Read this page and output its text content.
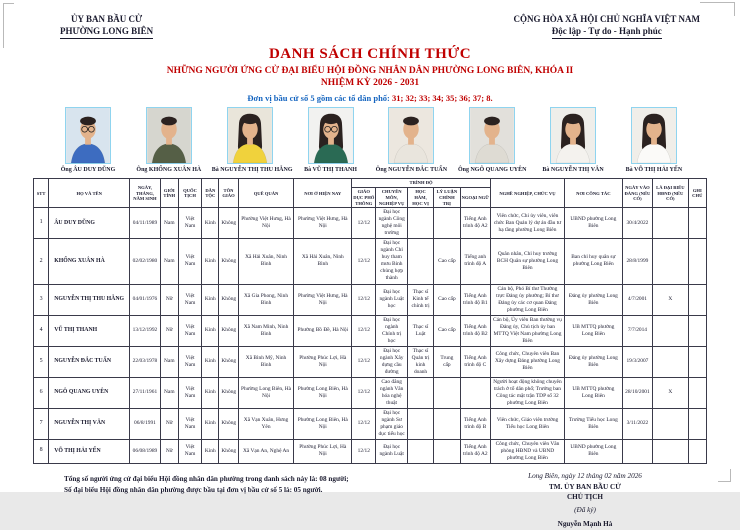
ỦY BAN BẦU CỬ
PHƯỜNG LONG BIÊN
CỘNG HÒA XÃ HỘI CHỦ NGHĨA VIỆT NAM
Độc lập - Tự do - Hạnh phúc
DANH SÁCH CHÍNH THỨC
NHỮNG NGƯỜI ỨNG CỬ ĐẠI BIỂU HỘI ĐỒNG NHÂN DÂN PHƯỜNG LONG BIÊN, KHÓA II
NHIỆM KỲ 2026 - 2031
Đơn vị bầu cử số 5 gồm các tổ dân phố: 31; 32; 33; 34; 35; 36; 37; 8.
Ông ÂU DUY DŨNG	Ông KHỔNG XUÂN HÀ	Bà NGUYỄN THỊ THU HẰNG	Bà VŨ THỊ THANH	Ông NGUYỄN ĐẮC TUẤN	Ông NGÔ QUANG UYÊN	Bà NGUYỄN THỊ VÂN	Bà VÕ THỊ HẢI YẾN
STT	HỌ VÀ TÊN	NGÀY, THÁNG, NĂM SINH	GIỚI TÍNH	QUỐC TỊCH	DÂN TỘC	TÔN GIÁO	QUÊ QUÁN	NƠI Ở HIỆN NAY	TRÌNH ĐỘ					NGHỀ NGHIỆP, CHỨC VỤ	NƠI CÔNG TÁC	NGÀY VÀO ĐẢNG (NẾU CÓ)	LÀ ĐẠI BIỂU HĐND (NẾU CÓ)	GHI CHÚ
									GIÁO DỤC PHỔ THÔNG	CHUYÊN MÔN, NGHIỆP VỤ	HỌC HÀM, HỌC VỊ	LÝ LUẬN CHÍNH TRỊ	NGOẠI NGỮ					
1	ÂU DUY DŨNG	04/11/1989	Nam	Việt Nam	Kinh	Không	Phường Việt Hưng, Hà Nội	Phường Việt Hưng, Hà Nội	12/12	Đại học ngành Công nghệ môi trường			Tiếng Anh trình độ A2	Viên chức, Chi ủy viên, viên chức Ban Quản lý dự án đầu tư hạ tầng phường Long Biên	UBND phường Long Biên	30/4/2022		
2	KHỔNG XUÂN HÀ	02/02/1980	Nam	Việt Nam	Kinh	Không	Xã Hải Xuân, Ninh Bình	Xã Hải Xuân, Ninh Bình	12/12	Đại học ngành Chỉ huy tham mưu Binh chủng hợp thành		Cao cấp	Tiếng anh trình độ A	Quân nhân, Chỉ huy trưởng BCH Quân sự phường Long Biên	Ban chỉ huy quân sự phường Long Biên	28/8/1999		
3	NGUYỄN THỊ THU HẰNG	04/01/1976	Nữ	Việt Nam	Kinh	Không	Xã Gia Phong, Ninh Bình	Phường Việt Hưng, Hà Nội	12/12	Đại học ngành Luật học	Thạc sĩ Kinh tế chính trị	Cao cấp	Tiếng Anh trình độ B1	Cán bộ, Phó Bí thư Thường trực Đảng ủy phường; Bí thư Đảng ủy các cơ quan Đảng phường Long Biên	Đảng ủy phường Long Biên	4/7/2001	X	
4	VŨ THỊ THANH	13/12/1992	Nữ	Việt Nam	Kinh	Không	Xã Nam Minh, Ninh Bình	Phường Bồ Đề, Hà Nội	12/12	Đại học ngành Chính trị học	Thạc sĩ Luật	Cao cấp	Tiếng Anh trình độ B2	Cán bộ, Ủy viên Ban thường vụ Đảng ủy, Chủ tịch ủy ban MTTQ Việt Nam phường Long Biên	UB MTTQ phường Long Biên	7/7/2014		
5	NGUYỄN ĐẮC TUẤN	22/03/1978	Nam	Việt Nam	Kinh	Không	Xã Bình Mỹ, Ninh Bình	Phường Phúc Lợi, Hà Nội	12/12	Đại học ngành Xây dựng cầu đường	Thạc sĩ Quản trị kinh doanh	Trung cấp	Tiếng Anh trình độ C	Công chức, Chuyên viên Ban Xây dựng Đảng phường Long Biên	Đảng ủy phường Long Biên	19/3/2007		
6	NGÔ QUANG UYÊN	27/11/1961	Nam	Việt Nam	Kinh	Không	Phường Long Biên, Hà Nội	Phường Long Biên, Hà Nội	12/12	Cao đẳng ngành Văn hóa nghệ thuật				Người hoạt động không chuyên trách ở tổ dân phố; Trưởng ban Công tác mặt trận TDP số 32 phường Long Biên	UB MTTQ phường Long Biên	28/10/2001	X	
7	NGUYỄN THỊ VÂN	06/8/1991	Nữ	Việt Nam	Kinh	Không	Xã Vạn Xuân, Hưng Yên	Phường Long Biên, Hà Nội	12/12	Đại học ngành Sư phạm giáo dục tiểu học			Tiếng Anh trình độ B	Viên chức, Giáo viên trường Tiểu học Long Biên	Trường Tiểu học Long Biên	3/11/2022		
8	VÕ THỊ HẢI YẾN	06/08/1989	Nữ	Việt Nam	Kinh	Không	Xã Vạn An, Nghệ An	Phường Phúc Lợi, Hà Nội	12/12	Đại học ngành Luật			Tiếng Anh trình độ A2	Công chức, Chuyên viên Văn phòng HĐND và UBND phường Long Biên	UBND phường Long Biên			
Tổng số người ứng cử đại biểu Hội đồng nhân dân phường trong danh sách này là: 08 người;
Số đại biểu Hội đồng nhân dân phường được bầu tại đơn vị bầu cử số 5 là: 05 người.
Long Biên, ngày 12 tháng 02 năm 2026
TM. ỦY BAN BẦU CỬ
CHỦ TỊCH
(Đã ký)
Nguyễn Mạnh Hà
